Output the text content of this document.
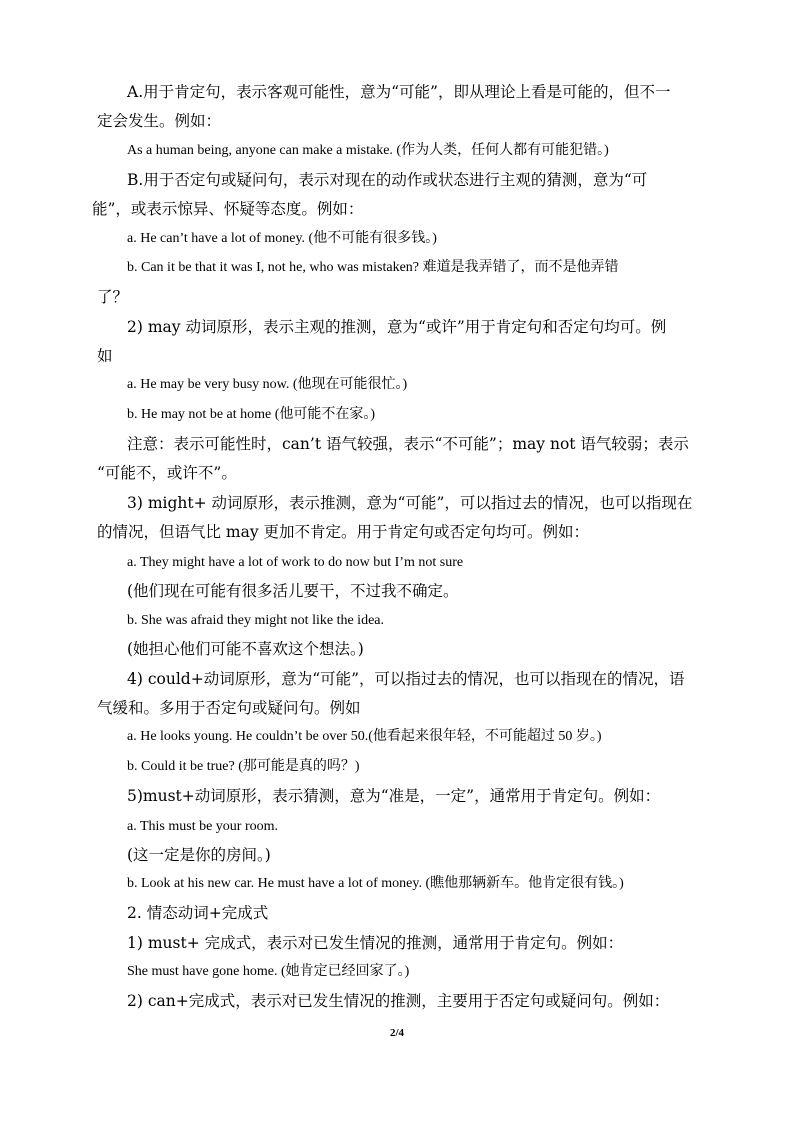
A.用于肯定句，表示客观可能性，意为“可能”，即从理论上看是可能的，但不一
定会发生。例如：
As a human being, anyone can make a mistake. (作为人类，任何人都有可能犯错。)
B.用于否定句或疑问句，表示对现在的动作或状态进行主观的猜测，意为“可
能”，或表示惊异、怀疑等态度。例如：
a. He can’t have a lot of money. (他不可能有很多钱。)
b. Can it be that it was I, not he, who was mistaken? 难道是我弄错了，而不是他弄错
了？
2) may 动词原形，表示主观的推测，意为“或许”用于肯定句和否定句均可。例
如
a. He may be very busy now. (他现在可能很忙。)
b. He may not be at home (他可能不在家。)
注意：表示可能性时，can’t 语气较强，表示“不可能”；may not 语气较弱；表示
“可能不，或许不”。
3) might+ 动词原形，表示推测，意为“可能”，可以指过去的情况，也可以指现在
的情况，但语气比 may 更加不肯定。用于肯定句或否定句均可。例如：
a. They might have a lot of work to do now but I’m not sure
(他们现在可能有很多活儿要干，不过我不确定。
b. She was afraid they might not like the idea.
(她担心他们可能不喜欢这个想法。)
4) could+动词原形，意为“可能”，可以指过去的情况，也可以指现在的情况，语
气缓和。多用于否定句或疑问句。例如
a. He looks young. He couldn’t be over 50.(他看起来很年轻，不可能超过 50 岁。)
b. Could it be true? (那可能是真的吗？)
5)must+动词原形，表示猜测，意为“准是，一定”，通常用于肯定句。例如：
a. This must be your room.
(这一定是你的房间。)
b. Look at his new car. He must have a lot of money. (瞧他那辆新车。他肯定很有钱。)
2. 情态动词+完成式
1) must+ 完成式，表示对已发生情况的推测，通常用于肯定句。例如：
She must have gone home. (她肯定已经回家了。)
2) can+完成式，表示对已发生情况的推测，主要用于否定句或疑问句。例如：
2/4
